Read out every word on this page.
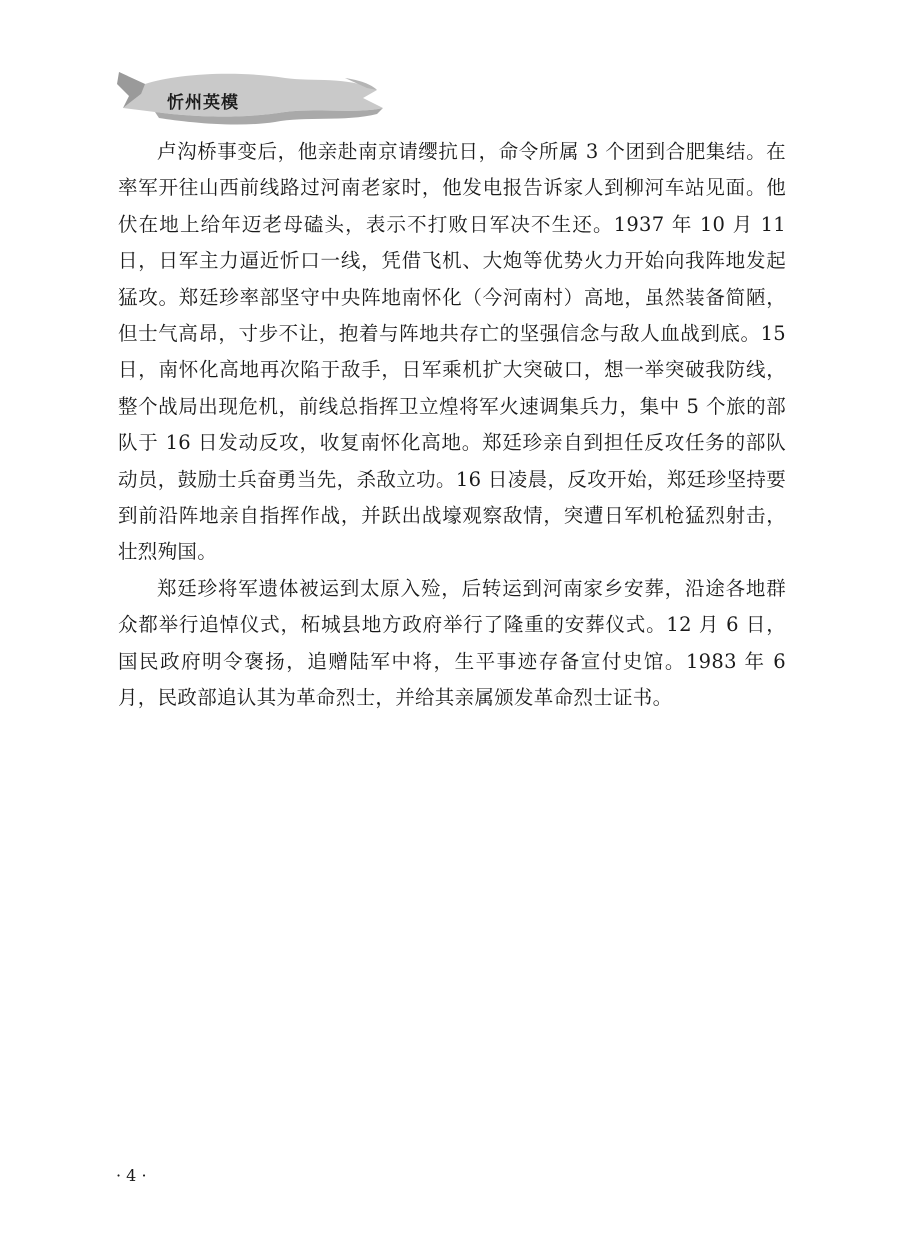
忻州英模

卢沟桥事变后，他亲赴南京请缨抗日，命令所属 3 个团到合肥集结。在率军开往山西前线路过河南老家时，他发电报告诉家人到柳河车站见面。他伏在地上给年迈老母磕头，表示不打败日军决不生还。1937 年 10 月 11 日，日军主力逼近忻口一线，凭借飞机、大炮等优势火力开始向我阵地发起猛攻。郑廷珍率部坚守中央阵地南怀化（今河南村）高地，虽然装备简陋，但士气高昂，寸步不让，抱着与阵地共存亡的坚强信念与敌人血战到底。15 日，南怀化高地再次陷于敌手，日军乘机扩大突破口，想一举突破我防线，整个战局出现危机，前线总指挥卫立煌将军火速调集兵力，集中 5 个旅的部队于 16 日发动反攻，收复南怀化高地。郑廷珍亲自到担任反攻任务的部队动员，鼓励士兵奋勇当先，杀敌立功。16 日凌晨，反攻开始，郑廷珍坚持要到前沿阵地亲自指挥作战，并跃出战壕观察敌情，突遭日军机枪猛烈射击，壮烈殉国。

郑廷珍将军遗体被运到太原入殓，后转运到河南家乡安葬，沿途各地群众都举行追悼仪式，柘城县地方政府举行了隆重的安葬仪式。12 月 6 日，国民政府明令褒扬，追赠陆军中将，生平事迹存备宣付史馆。1983 年 6 月，民政部追认其为革命烈士，并给其亲属颁发革命烈士证书。

· 4 ·
